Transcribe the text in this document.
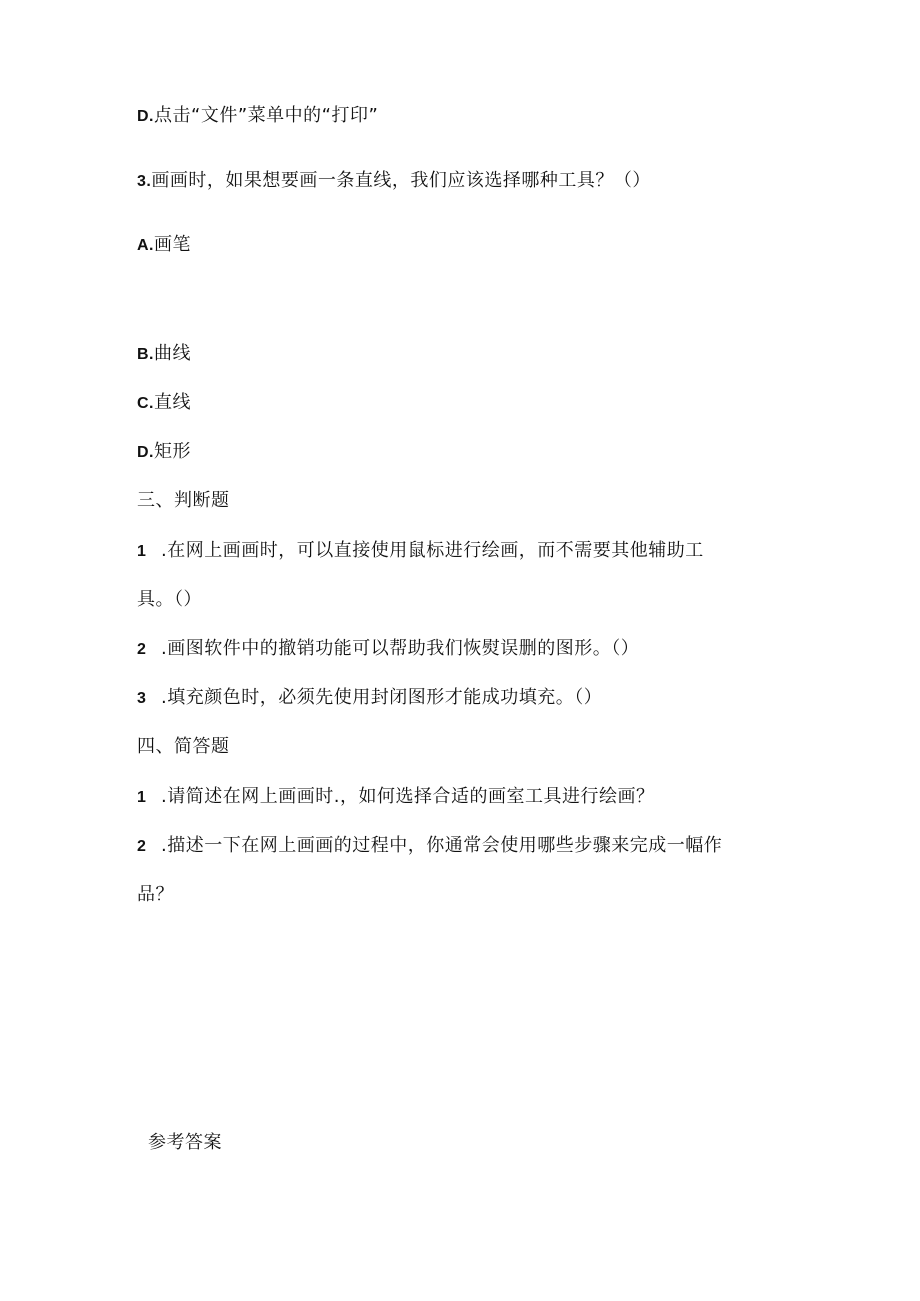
D.点击“文件”菜单中的“打印”
3.画画时，如果想要画一条直线，我们应该选择哪种工具？（）
A.画笔
B.曲线
C.直线
D.矩形
三、判断题
1 .在网上画画时，可以直接使用鼠标进行绘画，而不需要其他辅助工
具。（）
2 .画图软件中的撤销功能可以帮助我们恢熨误删的图形。（）
3 .填充颜色时，必须先使用封闭图形才能成功填充。（）
四、简答题
1 .请简述在网上画画时.，如何选择合适的画室工具进行绘画？
2 .描述一下在网上画画的过程中，你通常会使用哪些步骤来完成一幅作
品？
参考答案
